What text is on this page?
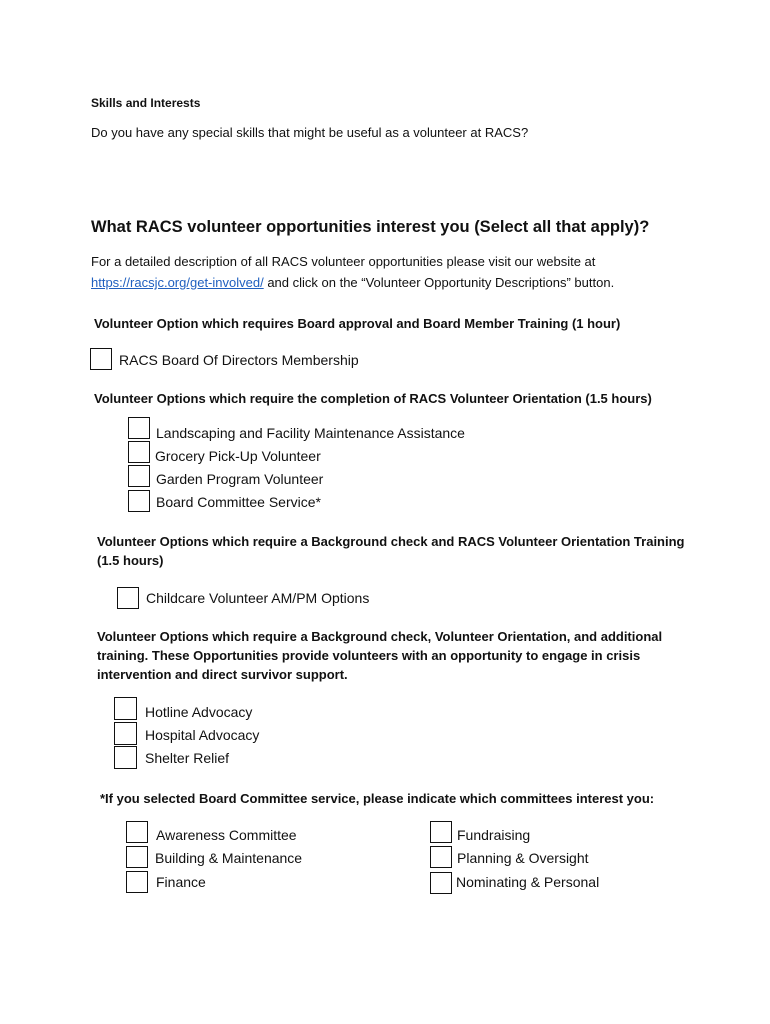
Skills and Interests
Do you have any special skills that might be useful as a volunteer at RACS?
What RACS volunteer opportunities interest you (Select all that apply)?
For a detailed description of all RACS volunteer opportunities please visit our website at
https://racsjc.org/get-involved/ and click on the “Volunteer Opportunity Descriptions” button.
Volunteer Option which requires Board approval and Board Member Training (1 hour)
RACS Board Of Directors Membership
Volunteer Options which require the completion of RACS Volunteer Orientation (1.5 hours)
Landscaping and Facility Maintenance Assistance
Grocery Pick-Up Volunteer
Garden Program Volunteer
Board Committee Service*
Volunteer Options which require a Background check and RACS Volunteer Orientation Training
(1.5 hours)
Childcare Volunteer AM/PM Options
Volunteer Options which require a Background check, Volunteer Orientation, and additional
training. These Opportunities provide volunteers with an opportunity to engage in crisis
intervention and direct survivor support.
Hotline Advocacy
Hospital Advocacy
Shelter Relief
*If you selected Board Committee service, please indicate which committees interest you:
Awareness Committee
Building & Maintenance
Finance
Fundraising
Planning & Oversight
Nominating & Personal
